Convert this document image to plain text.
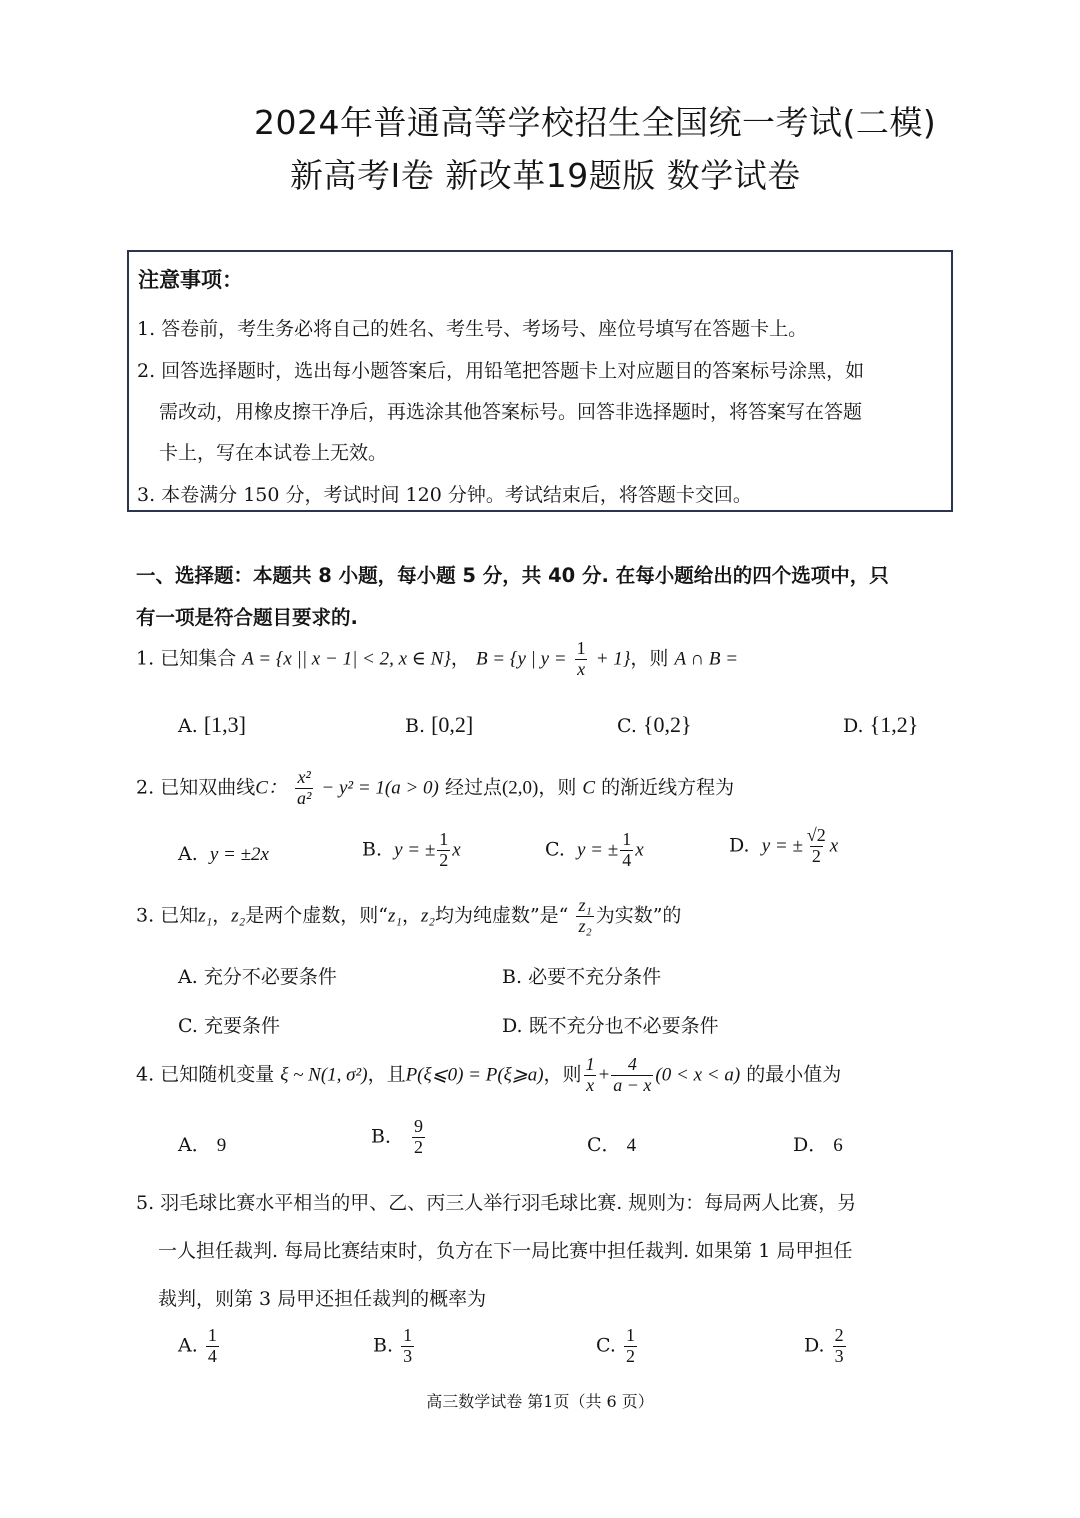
2024年普通高等学校招生全国统一考试(二模)
新高考I卷 新改革19题版 数学试卷
注意事项：
1. 答卷前，考生务必将自己的姓名、考生号、考场号、座位号填写在答题卡上。
2. 回答选择题时，选出每小题答案后，用铅笔把答题卡上对应题目的答案标号涂黑，如
需改动，用橡皮擦干净后，再选涂其他答案标号。回答非选择题时，将答案写在答题
卡上，写在本试卷上无效。
3. 本卷满分 150 分，考试时间 120 分钟。考试结束后，将答题卡交回。
一、选择题：本题共 8 小题，每小题 5 分，共 40 分. 在每小题给出的四个选项中，只
有一项是符合题目要求的.
1. 已知集合 A = {x || x − 1| < 2, x ∈ N}， B = {y | $y = \frac{1}{x} + 1$}，则 A ∩ B =
A. [1,3]	B. [0,2]	C. {0,2}	D. {1,2}
2. 已知双曲线C： $\frac{\text{x²}}{\text{a²}} - y^2 = 1(a > 0)$ 经过点(2,0)，则 C 的渐近线方程为
A. y = ±2x	B. y = ± $\frac{1}{2}$ x	C. y = ± $\frac{1}{4}$ x	D. y = ± $\frac{√2}{2}$ x
3. 已知z₁，z₂是两个虚数，则“z₁，z₂均为纯虚数”是“ $\frac{\text{z₁}}{\text{z₂}}$ 为实数”的
A. 充分不必要条件	B. 必要不充分条件
C. 充要条件	D. 既不充分也不必要条件
4. 已知随机变量 ξ ~ N(1, σ²)，且P(ξ⩽0) = P(ξ⩾a)，则 $\frac{1}{x} + \frac{4}{a - x} (0 < x < a)$ 的最小值为
A． 9	B． $\frac{9}{2}$	C． 4	D． 6
5. 羽毛球比赛水平相当的甲、乙、丙三人举行羽毛球比赛. 规则为：每局两人比赛，另
一人担任裁判. 每局比赛结束时，负方在下一局比赛中担任裁判. 如果第 1 局甲担任
裁判，则第 3 局甲还担任裁判的概率为
A. $\frac{1}{4}$	B. $\frac{1}{3}$	C. $\frac{1}{2}$	D. $\frac{2}{3}$
高三数学试卷 第1页（共 6 页）
